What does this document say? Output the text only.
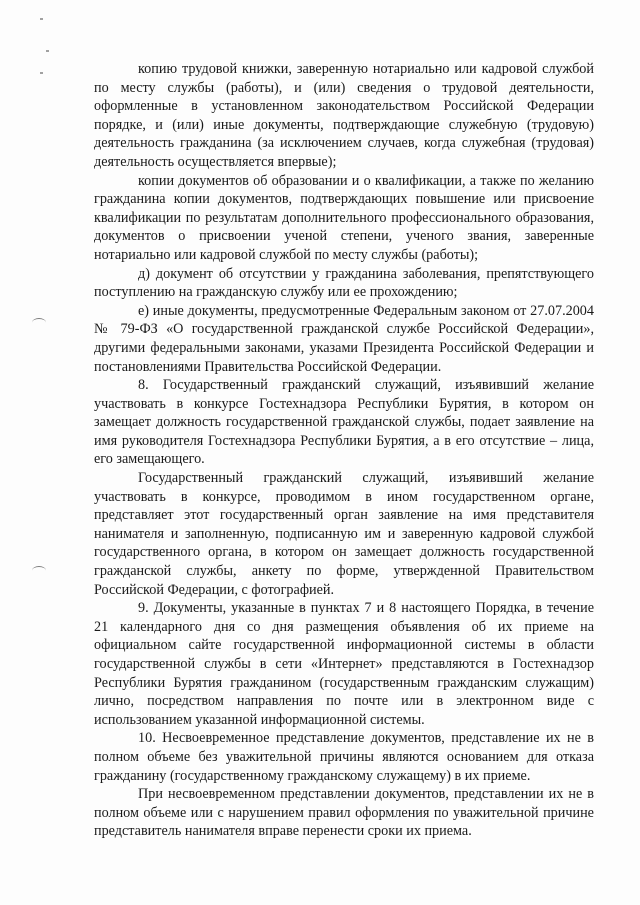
копию трудовой книжки, заверенную нотариально или кадровой службой по месту службы (работы), и (или) сведения о трудовой деятельности, оформленные в установленном законодательством Российской Федерации порядке, и (или) иные документы, подтверждающие служебную (трудовую) деятельность гражданина (за исключением случаев, когда служебная (трудовая) деятельность осуществляется впервые);

копии документов об образовании и о квалификации, а также по желанию гражданина копии документов, подтверждающих повышение или присвоение квалификации по результатам дополнительного профессионального образования, документов о присвоении ученой степени, ученого звания, заверенные нотариально или кадровой службой по месту службы (работы);

д) документ об отсутствии у гражданина заболевания, препятствующего поступлению на гражданскую службу или ее прохождению;

е) иные документы, предусмотренные Федеральным законом от 27.07.2004 № 79-ФЗ «О государственной гражданской службе Российской Федерации», другими федеральными законами, указами Президента Российской Федерации и постановлениями Правительства Российской Федерации.

8. Государственный гражданский служащий, изъявивший желание участвовать в конкурсе Гостехнадзора Республики Бурятия, в котором он замещает должность государственной гражданской службы, подает заявление на имя руководителя Гостехнадзора Республики Бурятия, а в его отсутствие – лица, его замещающего.

Государственный гражданский служащий, изъявивший желание участвовать в конкурсе, проводимом в ином государственном органе, представляет этот государственный орган заявление на имя представителя нанимателя и заполненную, подписанную им и заверенную кадровой службой государственного органа, в котором он замещает должность государственной гражданской службы, анкету по форме, утвержденной Правительством Российской Федерации, с фотографией.

9. Документы, указанные в пунктах 7 и 8 настоящего Порядка, в течение 21 календарного дня со дня размещения объявления об их приеме на официальном сайте государственной информационной системы в области государственной службы в сети «Интернет» представляются в Гостехнадзор Республики Бурятия гражданином (государственным гражданским служащим) лично, посредством направления по почте или в электронном виде с использованием указанной информационной системы.

10. Несвоевременное представление документов, представление их не в полном объеме без уважительной причины являются основанием для отказа гражданину (государственному гражданскому служащему) в их приеме.

При несвоевременном представлении документов, представлении их не в полном объеме или с нарушением правил оформления по уважительной причине представитель нанимателя вправе перенести сроки их приема.
